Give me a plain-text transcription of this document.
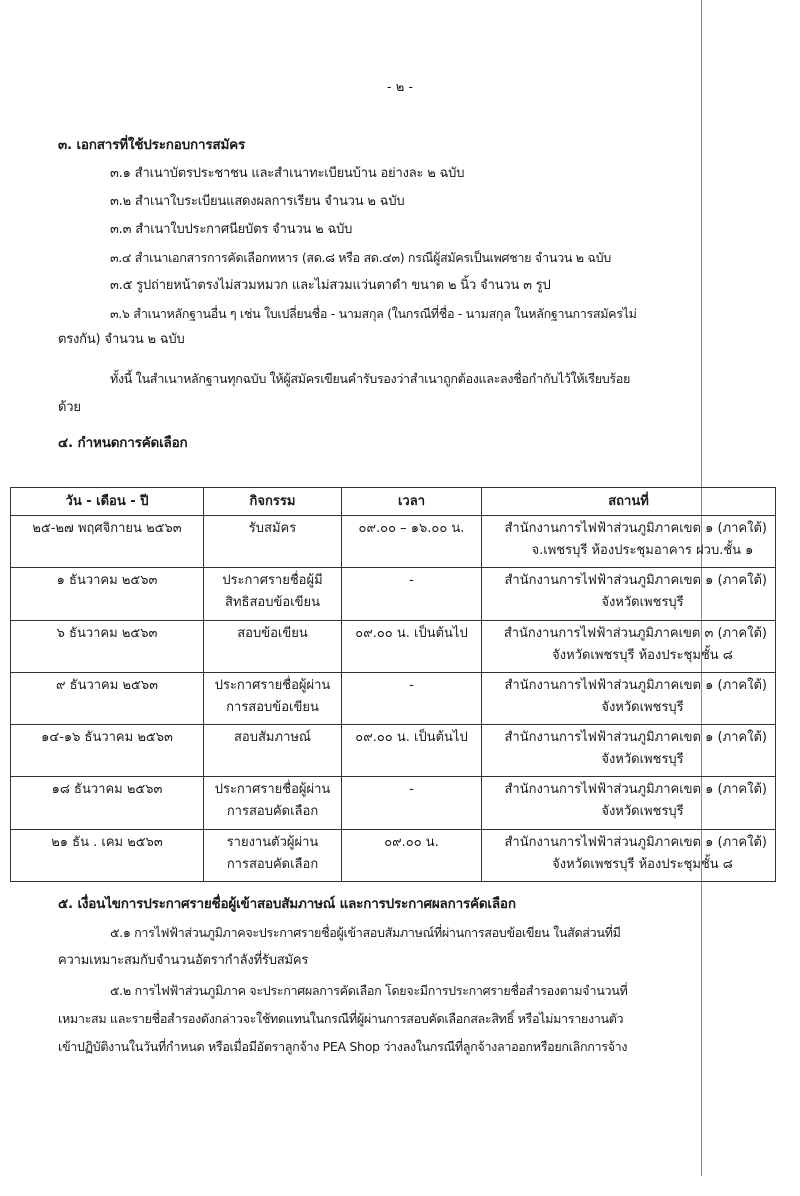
- ๒ -
๓. เอกสารที่ใช้ประกอบการสมัคร
๓.๑ สำเนาบัตรประชาชน และสำเนาทะเบียนบ้าน อย่างละ ๒ ฉบับ
๓.๒ สำเนาใบระเบียนแสดงผลการเรียน จำนวน ๒ ฉบับ
๓.๓ สำเนาใบประกาศนียบัตร จำนวน ๒ ฉบับ
๓.๔ สำเนาเอกสารการคัดเลือกทหาร (สด.๘ หรือ สด.๔๓) กรณีผู้สมัครเป็นเพศชาย จำนวน ๒ ฉบับ
๓.๕ รูปถ่ายหน้าตรงไม่สวมหมวก และไม่สวมแว่นตาดำ ขนาด ๒ นิ้ว จำนวน ๓ รูป
๓.๖ สำเนาหลักฐานอื่น ๆ เช่น ใบเปลี่ยนชื่อ - นามสกุล (ในกรณีที่ชื่อ - นามสกุล ในหลักฐานการสมัครไม่
ตรงกัน) จำนวน ๒ ฉบับ
ทั้งนี้ ในสำเนาหลักฐานทุกฉบับ ให้ผู้สมัครเขียนคำรับรองว่าสำเนาถูกต้องและลงชื่อกำกับไว้ให้เรียบร้อย
ด้วย
๔. กำหนดการคัดเลือก
วัน - เดือน - ปี	กิจกรรม	เวลา	สถานที่
๒๕-๒๗ พฤศจิกายน ๒๕๖๓	รับสมัคร	๐๙.๐๐ – ๑๖.๐๐ น.	สำนักงานการไฟฟ้าส่วนภูมิภาคเขต ๑ (ภาคใต้)
จ.เพชรบุรี ห้องประชุมอาคาร ฝวบ.ชั้น ๑

๑ ธันวาคม ๒๕๖๓	ประกาศรายชื่อผู้มี
สิทธิสอบข้อเขียน	-	สำนักงานการไฟฟ้าส่วนภูมิภาคเขต ๑ (ภาคใต้)
จังหวัดเพชรบุรี

๖ ธันวาคม ๒๕๖๓	สอบข้อเขียน	๐๙.๐๐ น. เป็นต้นไป	สำนักงานการไฟฟ้าส่วนภูมิภาคเขต ๓ (ภาคใต้)
จังหวัดเพชรบุรี ห้องประชุมชั้น ๘

๙ ธันวาคม ๒๕๖๓	ประกาศรายชื่อผู้ผ่าน
การสอบข้อเขียน	-	สำนักงานการไฟฟ้าส่วนภูมิภาคเขต ๑ (ภาคใต้)
จังหวัดเพชรบุรี

๑๔-๑๖ ธันวาคม ๒๕๖๓	สอบสัมภาษณ์	๐๙.๐๐ น. เป็นต้นไป	สำนักงานการไฟฟ้าส่วนภูมิภาคเขต ๑ (ภาคใต้)
จังหวัดเพชรบุรี

๑๘ ธันวาคม ๒๕๖๓	ประกาศรายชื่อผู้ผ่าน
การสอบคัดเลือก	-	สำนักงานการไฟฟ้าส่วนภูมิภาคเขต ๑ (ภาคใต้)
จังหวัดเพชรบุรี

๒๑ ธัน . เคม ๒๕๖๓	รายงานตัวผู้ผ่าน
การสอบคัดเลือก	๐๙.๐๐ น.	สำนักงานการไฟฟ้าส่วนภูมิภาคเขต ๑ (ภาคใต้)
จังหวัดเพชรบุรี ห้องประชุมชั้น ๘
๕. เงื่อนไขการประกาศรายชื่อผู้เข้าสอบสัมภาษณ์ และการประกาศผลการคัดเลือก
๕.๑ การไฟฟ้าส่วนภูมิภาคจะประกาศรายชื่อผู้เข้าสอบสัมภาษณ์ที่ผ่านการสอบข้อเขียน ในสัดส่วนที่มี
ความเหมาะสมกับจำนวนอัตรากำลังที่รับสมัคร
๕.๒ การไฟฟ้าส่วนภูมิภาค จะประกาศผลการคัดเลือก โดยจะมีการประกาศรายชื่อสำรองตามจำนวนที่
เหมาะสม และรายชื่อสำรองดังกล่าวจะใช้ทดแทนในกรณีที่ผู้ผ่านการสอบคัดเลือกสละสิทธิ์ หรือไม่มารายงานตัว
เข้าปฏิบัติงานในวันที่กำหนด หรือเมื่อมีอัตราลูกจ้าง PEA Shop ว่างลงในกรณีที่ลูกจ้างลาออกหรือยกเลิกการจ้าง
